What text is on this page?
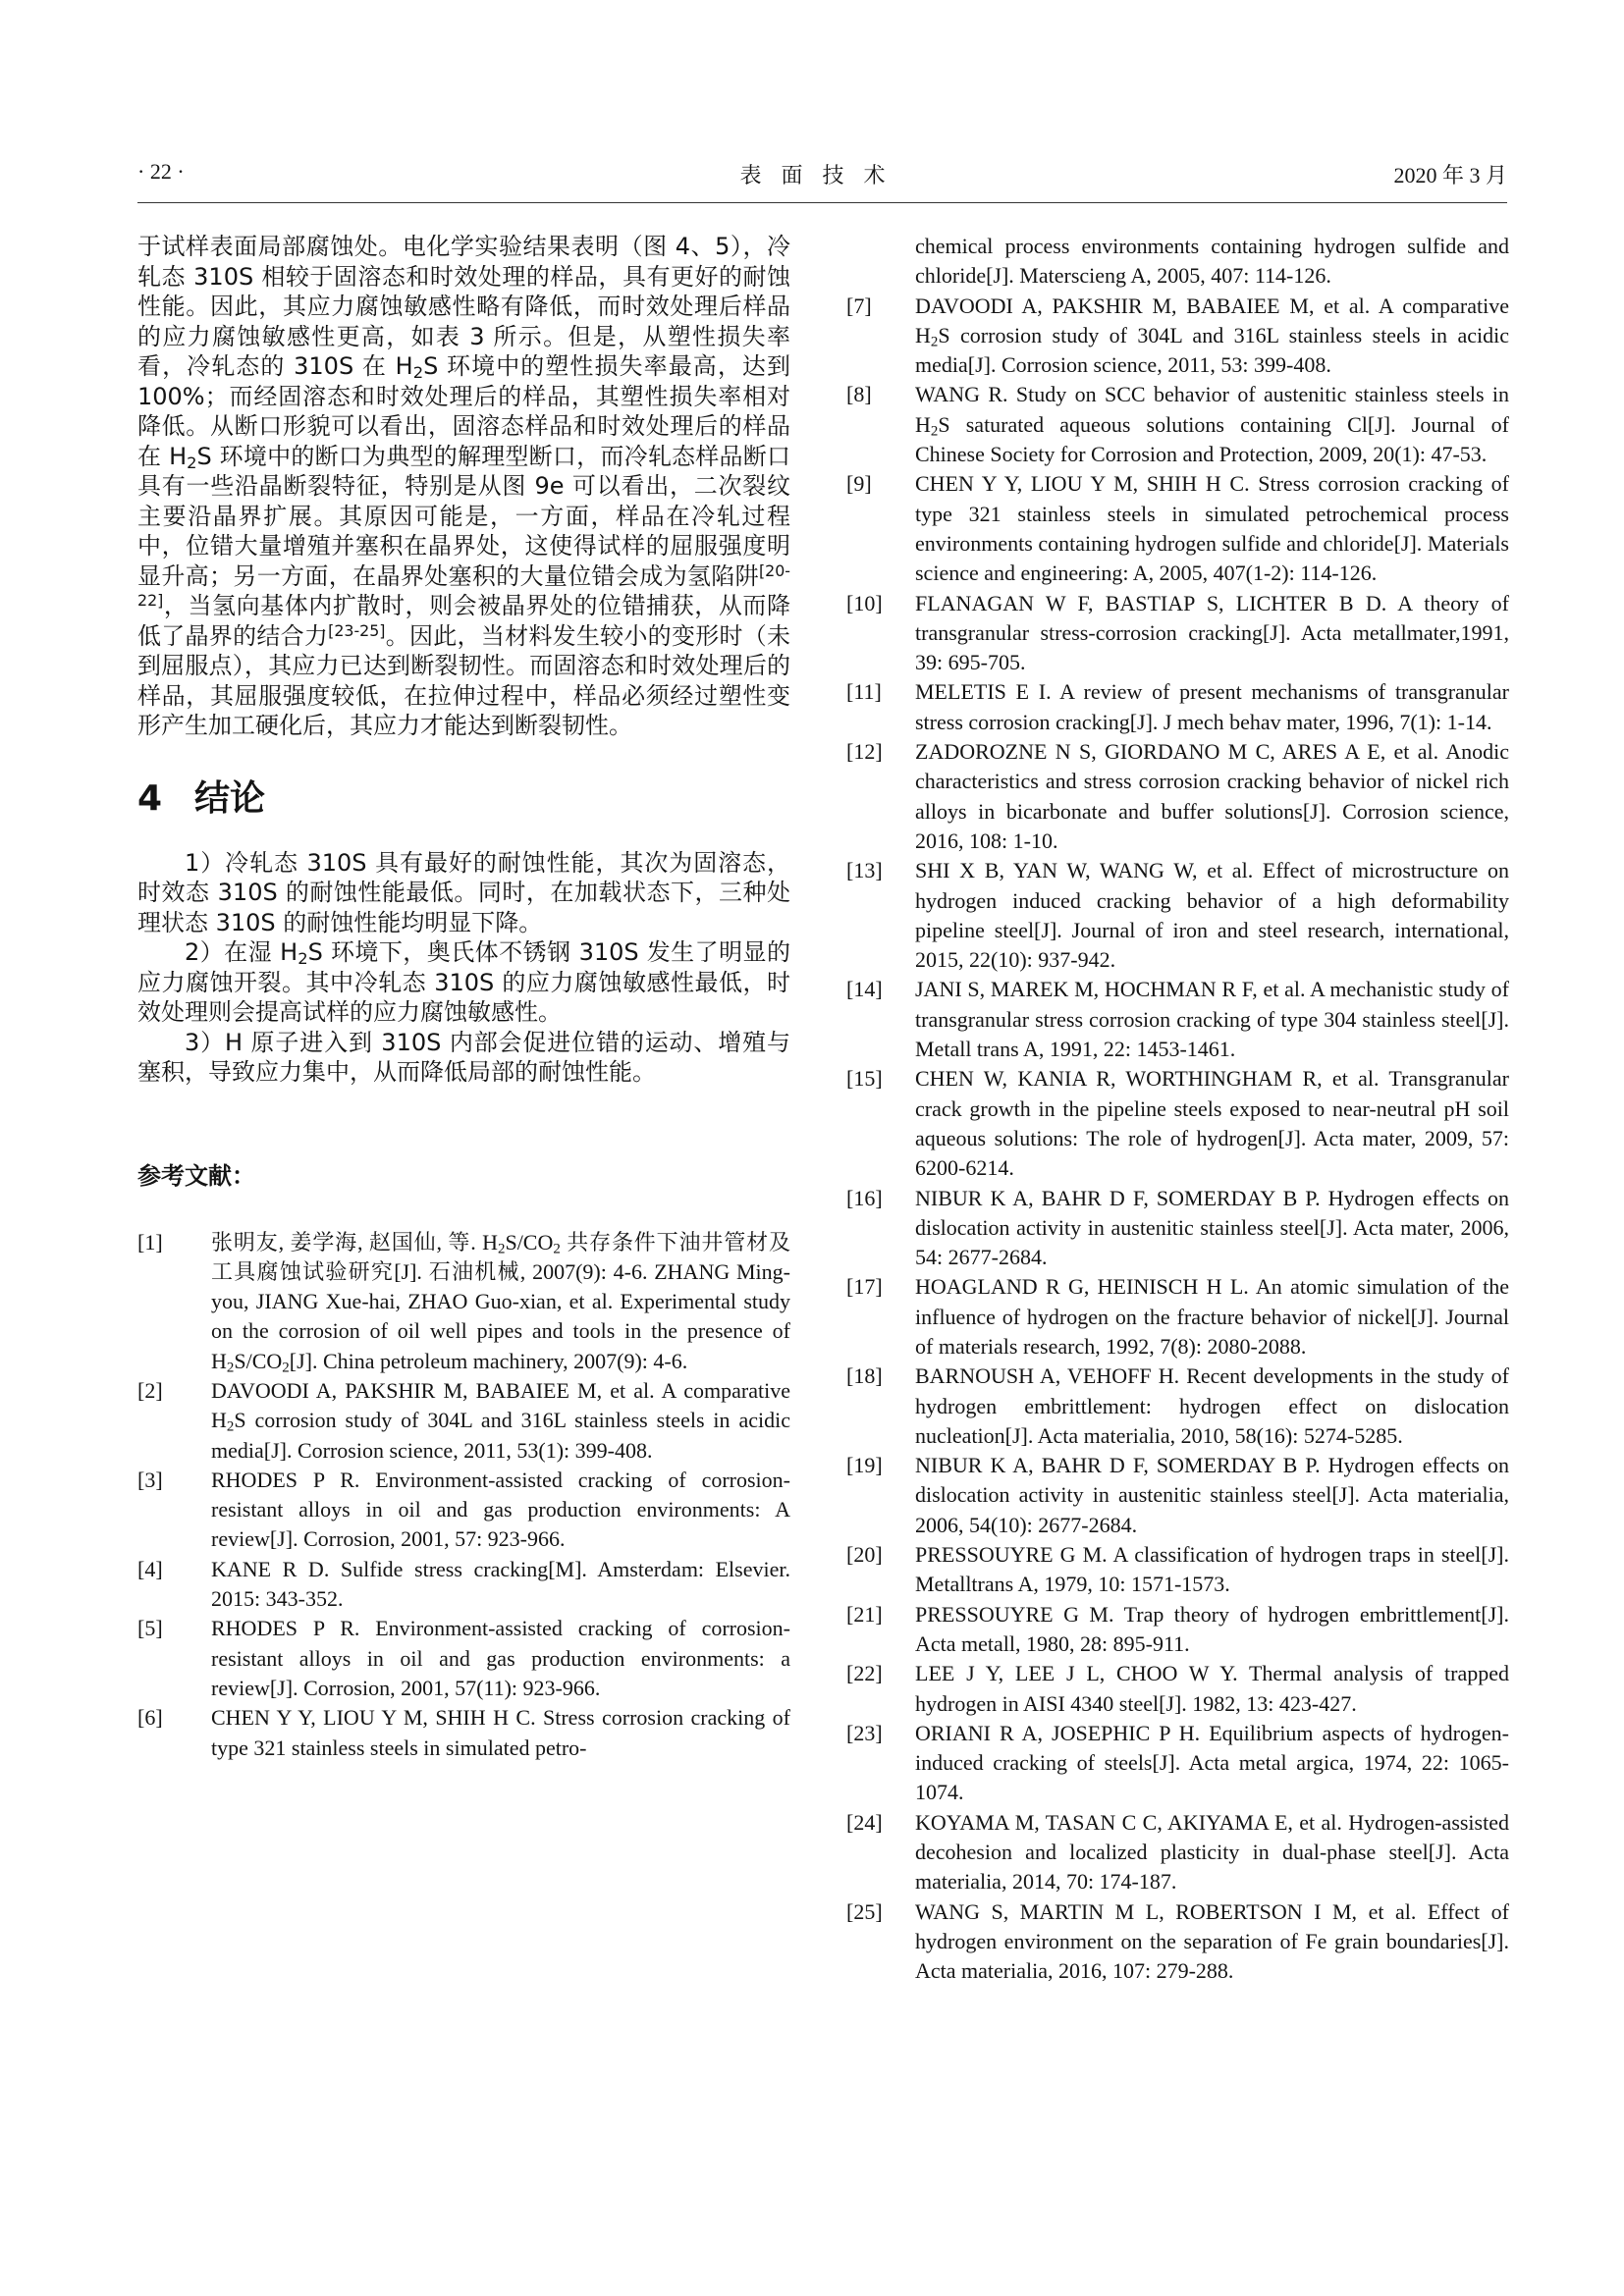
· 22 ·	表面技术	2020 年 3 月

于试样表面局部腐蚀处。电化学实验结果表明（图 4、5），冷轧态 310S 相较于固溶态和时效处理的样品，具有更好的耐蚀性能。因此，其应力腐蚀敏感性略有降低，而时效处理后样品的应力腐蚀敏感性更高，如表 3 所示。但是，从塑性损失率看，冷轧态的 310S 在 $H_2S$ 环境中的塑性损失率最高，达到 100%；而经固溶态和时效处理后的样品，其塑性损失率相对降低。从断口形貌可以看出，固溶态样品和时效处理后的样品在 $H_2S$ 环境中的断口为典型的解理型断口，而冷轧态样品断口具有一些沿晶断裂特征，特别是从图 9e 可以看出，二次裂纹主要沿晶界扩展。其原因可能是，一方面，样品在冷轧过程中，位错大量增殖并塞积在晶界处，这使得试样的屈服强度明显升高；另一方面，在晶界处塞积的大量位错会成为氢陷阱[20-22]，当氢向基体内扩散时，则会被晶界处的位错捕获，从而降低了晶界的结合力[23-25]。因此，当材料发生较小的变形时（未到屈服点），其应力已达到断裂韧性。而固溶态和时效处理后的样品，其屈服强度较低，在拉伸过程中，样品必须经过塑性变形产生加工硬化后，其应力才能达到断裂韧性。

4 结论

1）冷轧态 310S 具有最好的耐蚀性能，其次为固溶态，时效态 310S 的耐蚀性能最低。同时，在加载状态下，三种处理状态 310S 的耐蚀性能均明显下降。

2）在湿 $H_2S$ 环境下，奥氏体不锈钢 310S 发生了明显的应力腐蚀开裂。其中冷轧态 310S 的应力腐蚀敏感性最低，时效处理则会提高试样的应力腐蚀敏感性。

3）H 原子进入到 310S 内部会促进位错的运动、增殖与塞积，导致应力集中，从而降低局部的耐蚀性能。

参考文献：
[1]	张明友, 姜学海, 赵国仙, 等. $H_2S/CO_2$ 共存条件下油井管材及工具腐蚀试验研究[J]. 石油机械, 2007(9): 4-6. ZHANG Ming-you, JIANG Xue-hai, ZHAO Guo-xian, et al. Experimental study on the corrosion of oil well pipes and tools in the presence of $H_2S/CO_2[J]$. China petroleum machinery, 2007(9): 4-6.
[2]	DAVOODI A, PAKSHIR M, BABAIEE M, et al. A comparative $H_2S$ corrosion study of 304L and 316L stainless steels in acidic media[J]. Corrosion science, 2011, 53(1): 399-408.
[3]	RHODES P R. Environment-assisted cracking of corrosion-resistant alloys in oil and gas production environments: A review[J]. Corrosion, 2001, 57: 923-966.
[4]	KANE R D. Sulfide stress cracking[M]. Amsterdam: Elsevier. 2015: 343-352.
[5]	RHODES P R. Environment-assisted cracking of corrosion-resistant alloys in oil and gas production environments: a review[J]. Corrosion, 2001, 57(11): 923-966.
[6]	CHEN Y Y, LIOU Y M, SHIH H C. Stress corrosion cracking of type 321 stainless steels in simulated petro-
chemical process environments containing hydrogen sulfide and chloride[J]. Materscieng A, 2005, 407: 114-126.
[7]	DAVOODI A, PAKSHIR M, BABAIEE M, et al. A comparative $H_2S$ corrosion study of 304L and 316L stainless steels in acidic media[J]. Corrosion science, 2011, 53: 399-408.
[8]	WANG R. Study on SCC behavior of austenitic stainless steels in $H_2S$ saturated aqueous solutions containing Cl[J]. Journal of Chinese Society for Corrosion and Protection, 2009, 20(1): 47-53.
[9]	CHEN Y Y, LIOU Y M, SHIH H C. Stress corrosion cracking of type 321 stainless steels in simulated petrochemical process environments containing hydrogen sulfide and chloride[J]. Materials science and engineering: A, 2005, 407(1-2): 114-126.
[10]	FLANAGAN W F, BASTIAP S, LICHTER B D. A theory of transgranular stress-corrosion cracking[J]. Acta metallmater,1991, 39: 695-705.
[11]	MELETIS E I. A review of present mechanisms of transgranular stress corrosion cracking[J]. J mech behav mater, 1996, 7(1): 1-14.
[12]	ZADOROZNE N S, GIORDANO M C, ARES A E, et al. Anodic characteristics and stress corrosion cracking behavior of nickel rich alloys in bicarbonate and buffer solutions[J]. Corrosion science, 2016, 108: 1-10.
[13]	SHI X B, YAN W, WANG W, et al. Effect of microstructure on hydrogen induced cracking behavior of a high deformability pipeline steel[J]. Journal of iron and steel research, international, 2015, 22(10): 937-942.
[14]	JANI S, MAREK M, HOCHMAN R F, et al. A mechanistic study of transgranular stress corrosion cracking of type 304 stainless steel[J]. Metall trans A, 1991, 22: 1453-1461.
[15]	CHEN W, KANIA R, WORTHINGHAM R, et al. Transgranular crack growth in the pipeline steels exposed to near-neutral pH soil aqueous solutions: The role of hydrogen[J]. Acta mater, 2009, 57: 6200-6214.
[16]	NIBUR K A, BAHR D F, SOMERDAY B P. Hydrogen effects on dislocation activity in austenitic stainless steel[J]. Acta mater, 2006, 54: 2677-2684.
[17]	HOAGLAND R G, HEINISCH H L. An atomic simulation of the influence of hydrogen on the fracture behavior of nickel[J]. Journal of materials research, 1992, 7(8): 2080-2088.
[18]	BARNOUSH A, VEHOFF H. Recent developments in the study of hydrogen embrittlement: hydrogen effect on dislocation nucleation[J]. Acta materialia, 2010, 58(16): 5274-5285.
[19]	NIBUR K A, BAHR D F, SOMERDAY B P. Hydrogen effects on dislocation activity in austenitic stainless steel[J]. Acta materialia, 2006, 54(10): 2677-2684.
[20]	PRESSOUYRE G M. A classification of hydrogen traps in steel[J]. Metalltrans A, 1979, 10: 1571-1573.
[21]	PRESSOUYRE G M. Trap theory of hydrogen embrittlement[J]. Acta metall, 1980, 28: 895-911.
[22]	LEE J Y, LEE J L, CHOO W Y. Thermal analysis of trapped hydrogen in AISI 4340 steel[J]. 1982, 13: 423-427.
[23]	ORIANI R A, JOSEPHIC P H. Equilibrium aspects of hydrogen-induced cracking of steels[J]. Acta metal argica, 1974, 22: 1065-1074.
[24]	KOYAMA M, TASAN C C, AKIYAMA E, et al. Hydrogen-assisted decohesion and localized plasticity in dual-phase steel[J]. Acta materialia, 2014, 70: 174-187.
[25]	WANG S, MARTIN M L, ROBERTSON I M, et al. Effect of hydrogen environment on the separation of Fe grain boundaries[J]. Acta materialia, 2016, 107: 279-288.
